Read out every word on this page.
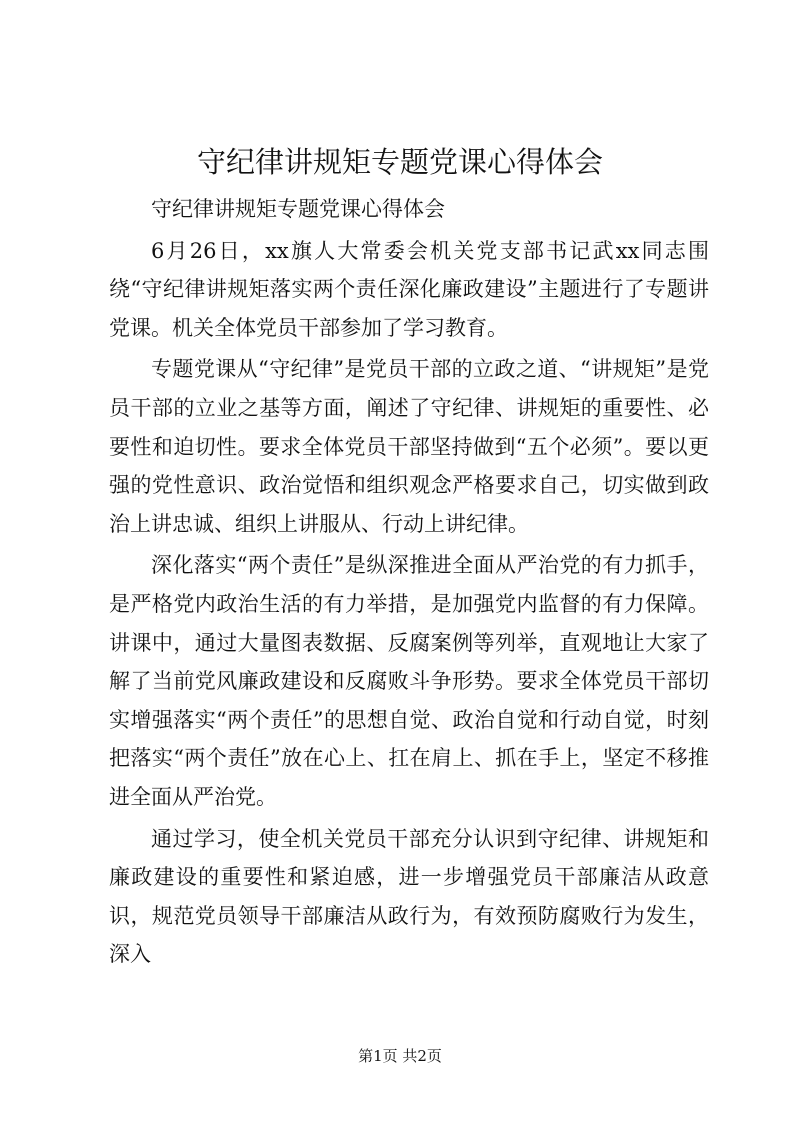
守纪律讲规矩专题党课心得体会

守纪律讲规矩专题党课心得体会

6月26日，xx旗人大常委会机关党支部书记武xx同志围绕“守纪律讲规矩落实两个责任深化廉政建设”主题进行了专题讲党课。机关全体党员干部参加了学习教育。

专题党课从“守纪律”是党员干部的立政之道、“讲规矩”是党员干部的立业之基等方面，阐述了守纪律、讲规矩的重要性、必要性和迫切性。要求全体党员干部坚持做到“五个必须”。要以更强的党性意识、政治觉悟和组织观念严格要求自己，切实做到政治上讲忠诚、组织上讲服从、行动上讲纪律。

深化落实“两个责任”是纵深推进全面从严治党的有力抓手，是严格党内政治生活的有力举措，是加强党内监督的有力保障。讲课中，通过大量图表数据、反腐案例等列举，直观地让大家了解了当前党风廉政建设和反腐败斗争形势。要求全体党员干部切实增强落实“两个责任”的思想自觉、政治自觉和行动自觉，时刻把落实“两个责任”放在心上、扛在肩上、抓在手上，坚定不移推进全面从严治党。

通过学习，使全机关党员干部充分认识到守纪律、讲规矩和廉政建设的重要性和紧迫感，进一步增强党员干部廉洁从政意识，规范党员领导干部廉洁从政行为，有效预防腐败行为发生，深入

第1页 共2页
